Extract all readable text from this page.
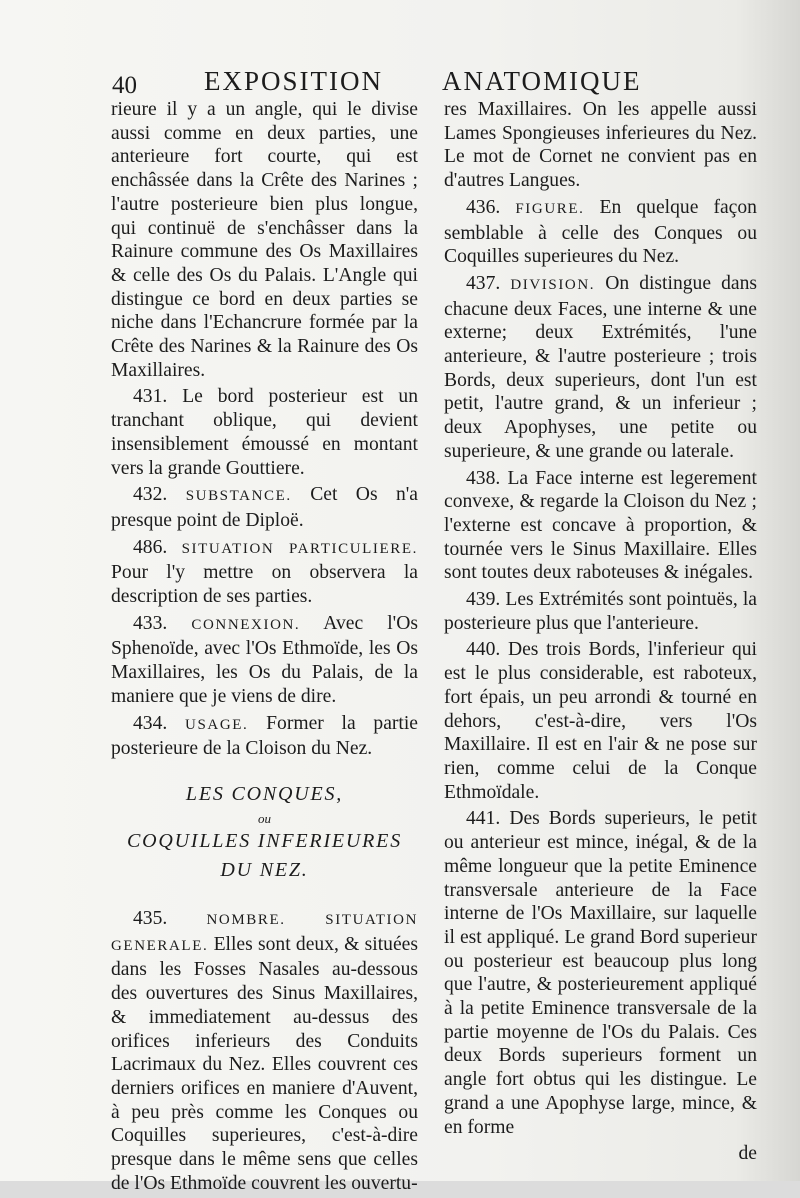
40 EXPOSITION ANATOMIQUE

rieure il y a un angle, qui le divise aussi comme en deux parties, une anterieure fort courte, qui est enchâssée dans la Crête des Narines ; l'autre posterieure bien plus longue, qui continuë de s'enchâsser dans la Rainure commune des Os Maxillaires & celle des Os du Palais. L'Angle qui distingue ce bord en deux parties se niche dans l'Echancrure formée par la Crête des Narines & la Rainure des Os Maxillaires.

431. Le bord posterieur est un tranchant oblique, qui devient insensiblement émoussé en montant vers la grande Gouttiere.

432. SUBSTANCE. Cet Os n'a presque point de Diploë.

486. SITUATION PARTICULIERE. Pour l'y mettre on observera la description de ses parties.

433. CONNEXION. Avec l'Os Sphenoïde, avec l'Os Ethmoïde, les Os Maxillaires, les Os du Palais, de la maniere que je viens de dire.

434. USAGE. Former la partie posterieure de la Cloison du Nez.

LES CONQUES,

ou

COQUILLES INFERIEURES

DU NEZ.

435.	NOMBRE. SITUATION GENERALE. Elles sont deux, & situées dans les Fosses Nasales au-dessous des ouvertures des Sinus Maxillaires, & immediatement au-dessus des orifices inferieurs des Conduits Lacrimaux du Nez. Elles couvrent ces derniers orifices en maniere d'Auvent, à peu près comme les Conques ou Coquilles superieures, c'est-à-dire presque dans le même sens que celles de l'Os Ethmoïde couvrent les ouvertu-

res Maxillaires. On les appelle aussi Lames Spongieuses inferieures du Nez. Le mot de Cornet ne convient pas en d'autres Langues.

436. FIGURE. En quelque façon semblable à celle des Conques ou Coquilles superieures du Nez.

437. DIVISION. On distingue dans chacune deux Faces, une interne & une externe; deux Extrémités, l'une anterieure, & l'autre posterieure ; trois Bords, deux superieurs, dont l'un est petit, l'autre grand, & un inferieur ; deux Apophyses, une petite ou superieure, & une grande ou laterale.

438. La Face interne est legerement convexe, & regarde la Cloison du Nez ; l'externe est concave à proportion, & tournée vers le Sinus Maxillaire. Elles sont toutes deux raboteuses & inégales.

439. Les Extrémités sont pointuës, la posterieure plus que l'anterieure.

440. Des trois Bords, l'inferieur qui est le plus considerable, est raboteux, fort épais, un peu arrondi & tourné en dehors, c'est-à-dire, vers l'Os Maxillaire. Il est en l'air & ne pose sur rien, comme celui de la Conque Ethmoïdale.

441. Des Bords superieurs, le petit ou anterieur est mince, inégal, & de la même longueur que la petite Eminence transversale anterieure de la Face interne de l'Os Maxillaire, sur laquelle il est appliqué. Le grand Bord superieur ou posterieur est beaucoup plus long que l'autre, & posterieurement appliqué à la petite Eminence transversale de la partie moyenne de l'Os du Palais. Ces deux Bords superieurs forment un angle fort obtus qui les distingue. Le grand a une Apophyse large, mince, & en forme

de
